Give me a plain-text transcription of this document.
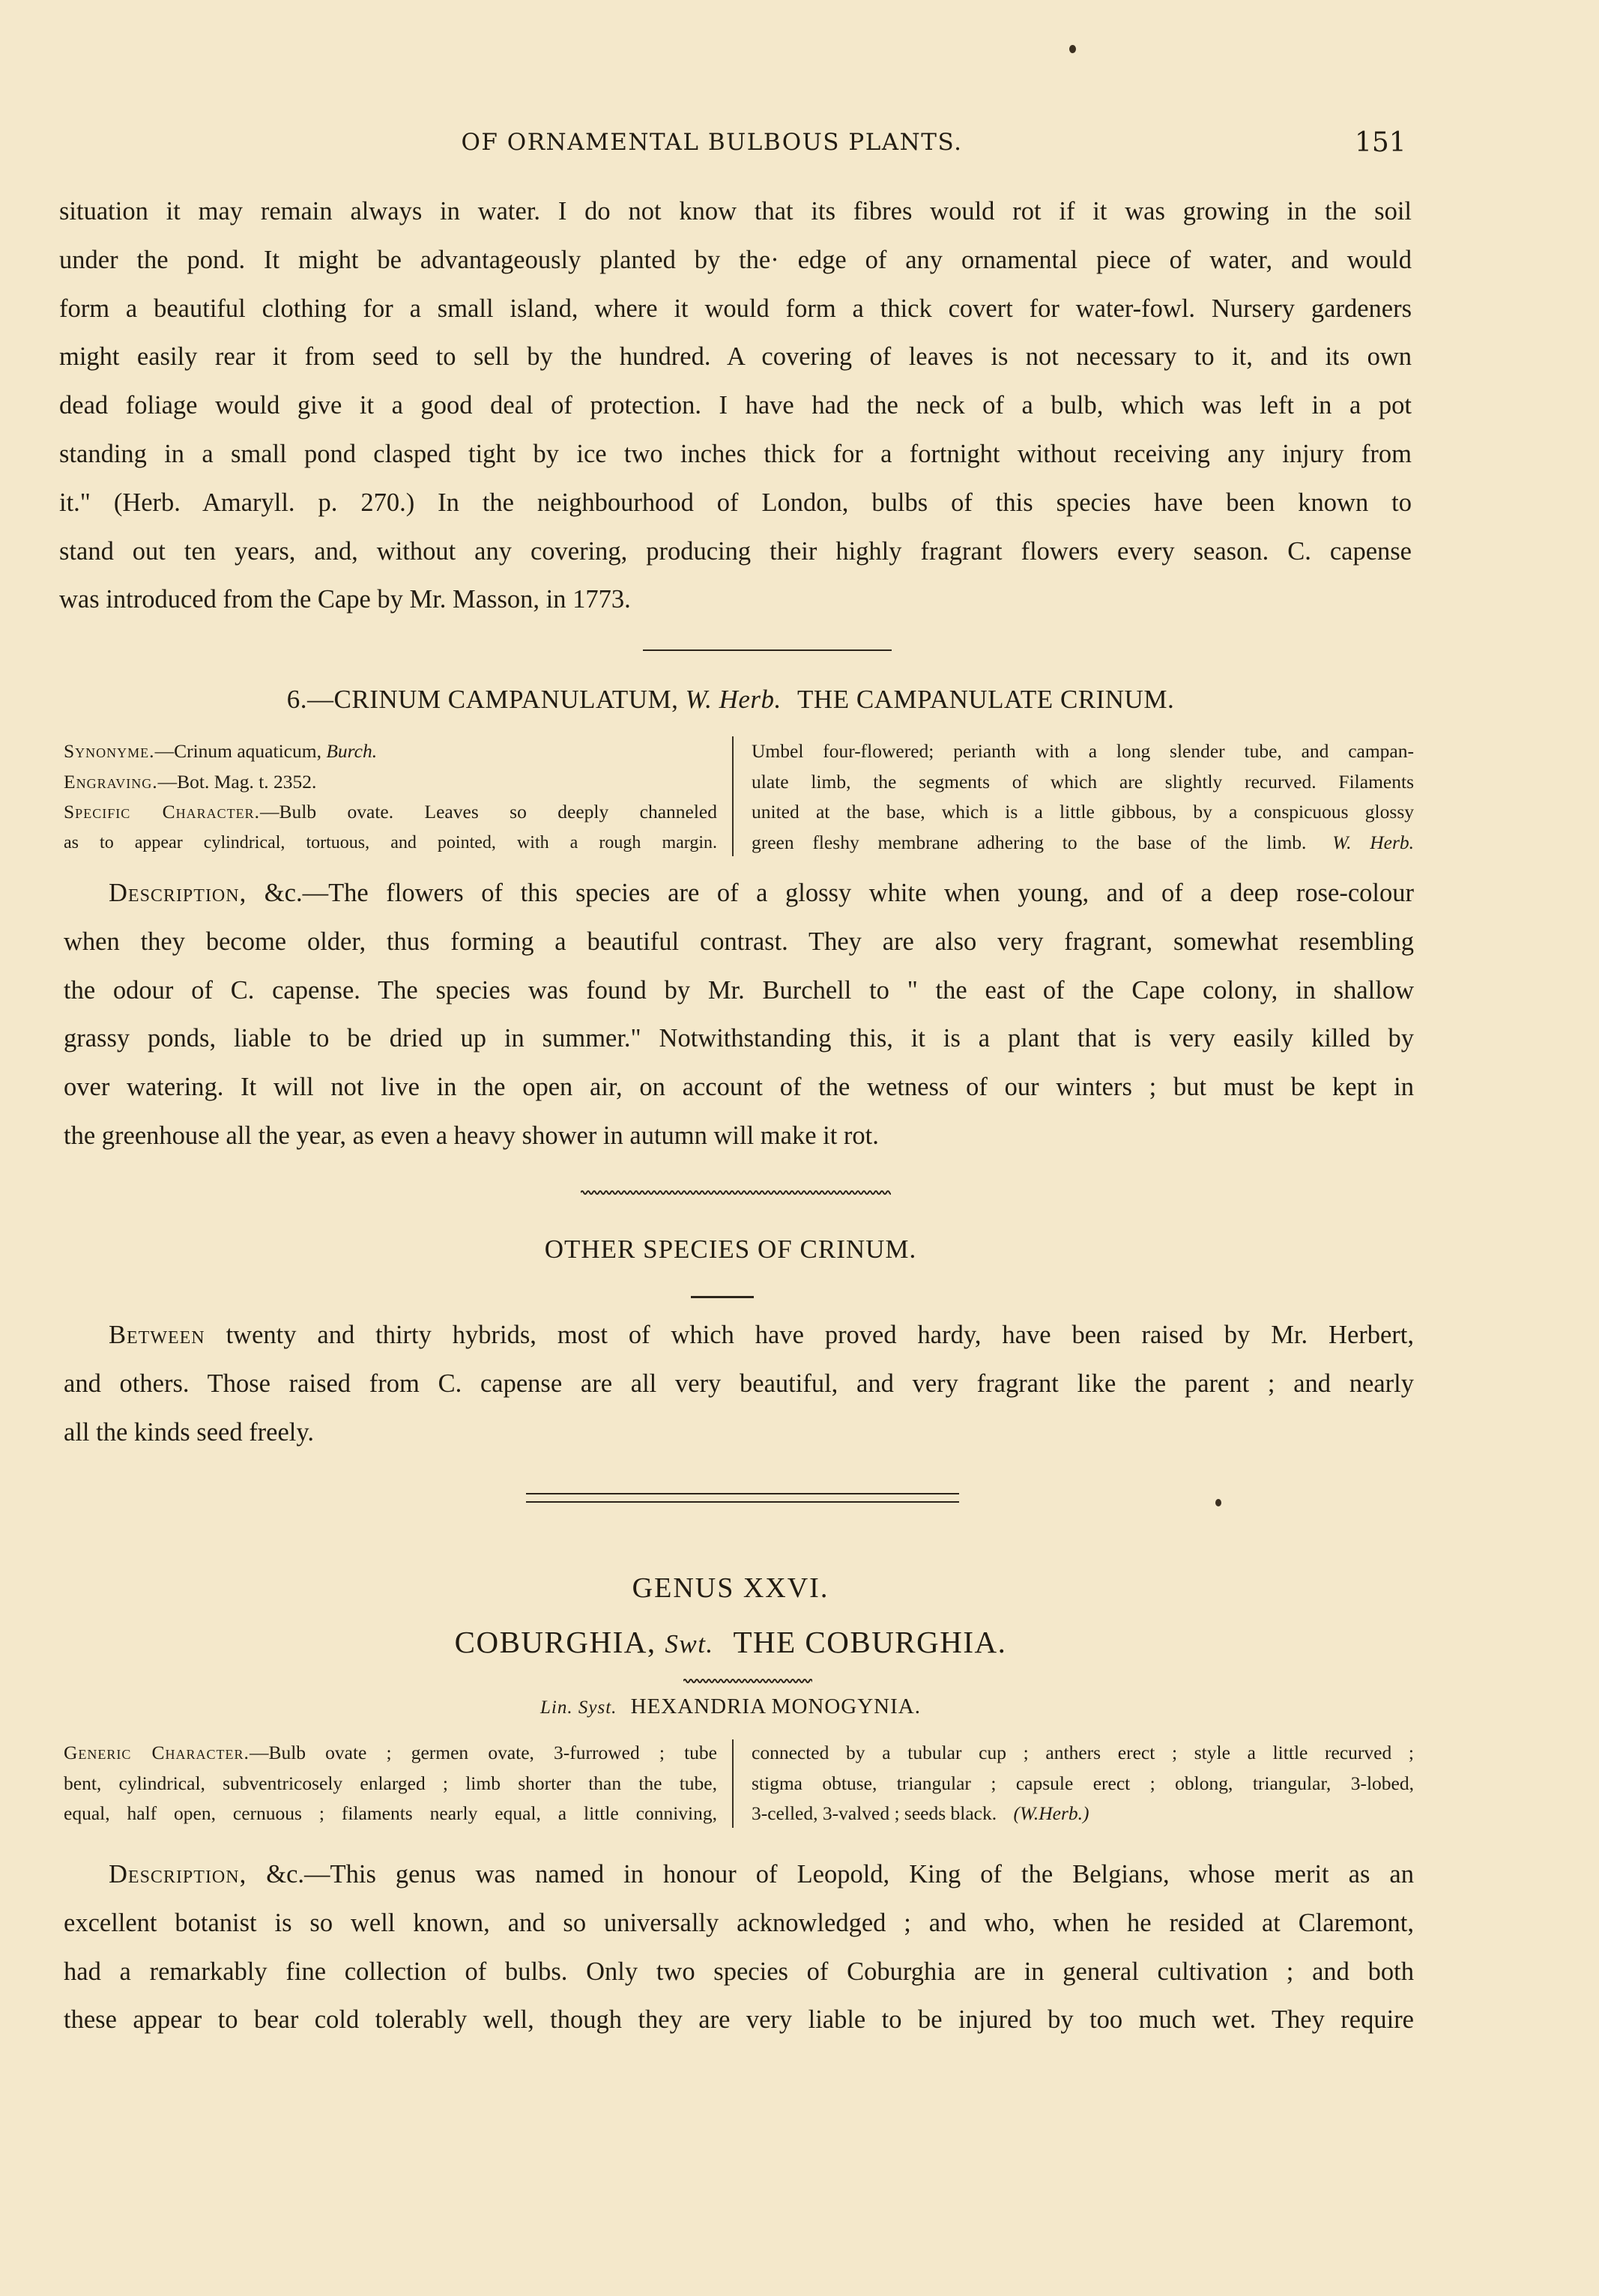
OF ORNAMENTAL BULBOUS PLANTS.	151
situation it may remain always in water. I do not know that its fibres would rot if it was growing in the soil
under the pond. It might be advantageously planted by the· edge of any ornamental piece of water, and would
form a beautiful clothing for a small island, where it would form a thick covert for water-fowl. Nursery gardeners
might easily rear it from seed to sell by the hundred. A covering of leaves is not necessary to it, and its own
dead foliage would give it a good deal of protection. I have had the neck of a bulb, which was left in a pot
standing in a small pond clasped tight by ice two inches thick for a fortnight without receiving any injury from
it." (Herb. Amaryll. p. 270.) In the neighbourhood of London, bulbs of this species have been known to
stand out ten years, and, without any covering, producing their highly fragrant flowers every season. C. capense
was introduced from the Cape by Mr. Masson, in 1773.
6.—CRINUM CAMPANULATUM, W. Herb. THE CAMPANULATE CRINUM.
Synonyme.—Crinum aquaticum, Burch.
Engraving.—Bot. Mag. t. 2352.
Specific Character.—Bulb ovate. Leaves so deeply channeled
as to appear cylindrical, tortuous, and pointed, with a rough margin.
Umbel four-flowered; perianth with a long slender tube, and campan-
ulate limb, the segments of which are slightly recurved. Filaments
united at the base, which is a little gibbous, by a conspicuous glossy
green fleshy membrane adhering to the base of the limb. W. Herb.
Description, &c.—The flowers of this species are of a glossy white when young, and of a deep rose-colour
when they become older, thus forming a beautiful contrast. They are also very fragrant, somewhat resembling
the odour of C. capense. The species was found by Mr. Burchell to " the east of the Cape colony, in shallow
grassy ponds, liable to be dried up in summer." Notwithstanding this, it is a plant that is very easily killed by
over watering. It will not live in the open air, on account of the wetness of our winters ; but must be kept in
the greenhouse all the year, as even a heavy shower in autumn will make it rot.
OTHER SPECIES OF CRINUM.
Between twenty and thirty hybrids, most of which have proved hardy, have been raised by Mr. Herbert,
and others. Those raised from C. capense are all very beautiful, and very fragrant like the parent ; and nearly
all the kinds seed freely.
GENUS XXVI.
COBURGHIA, Swt. THE COBURGHIA.
Lin. Syst. HEXANDRIA MONOGYNIA.
Generic Character.—Bulb ovate ; germen ovate, 3-furrowed ; tube
bent, cylindrical, subventricosely enlarged ; limb shorter than the tube,
equal, half open, cernuous ; filaments nearly equal, a little conniving,
connected by a tubular cup ; anthers erect ; style a little recurved ;
stigma obtuse, triangular ; capsule erect ; oblong, triangular, 3-lobed,
3-celled, 3-valved ; seeds black. (W.Herb.)
Description, &c.—This genus was named in honour of Leopold, King of the Belgians, whose merit as an
excellent botanist is so well known, and so universally acknowledged ; and who, when he resided at Claremont,
had a remarkably fine collection of bulbs. Only two species of Coburghia are in general cultivation ; and both
these appear to bear cold tolerably well, though they are very liable to be injured by too much wet. They require
